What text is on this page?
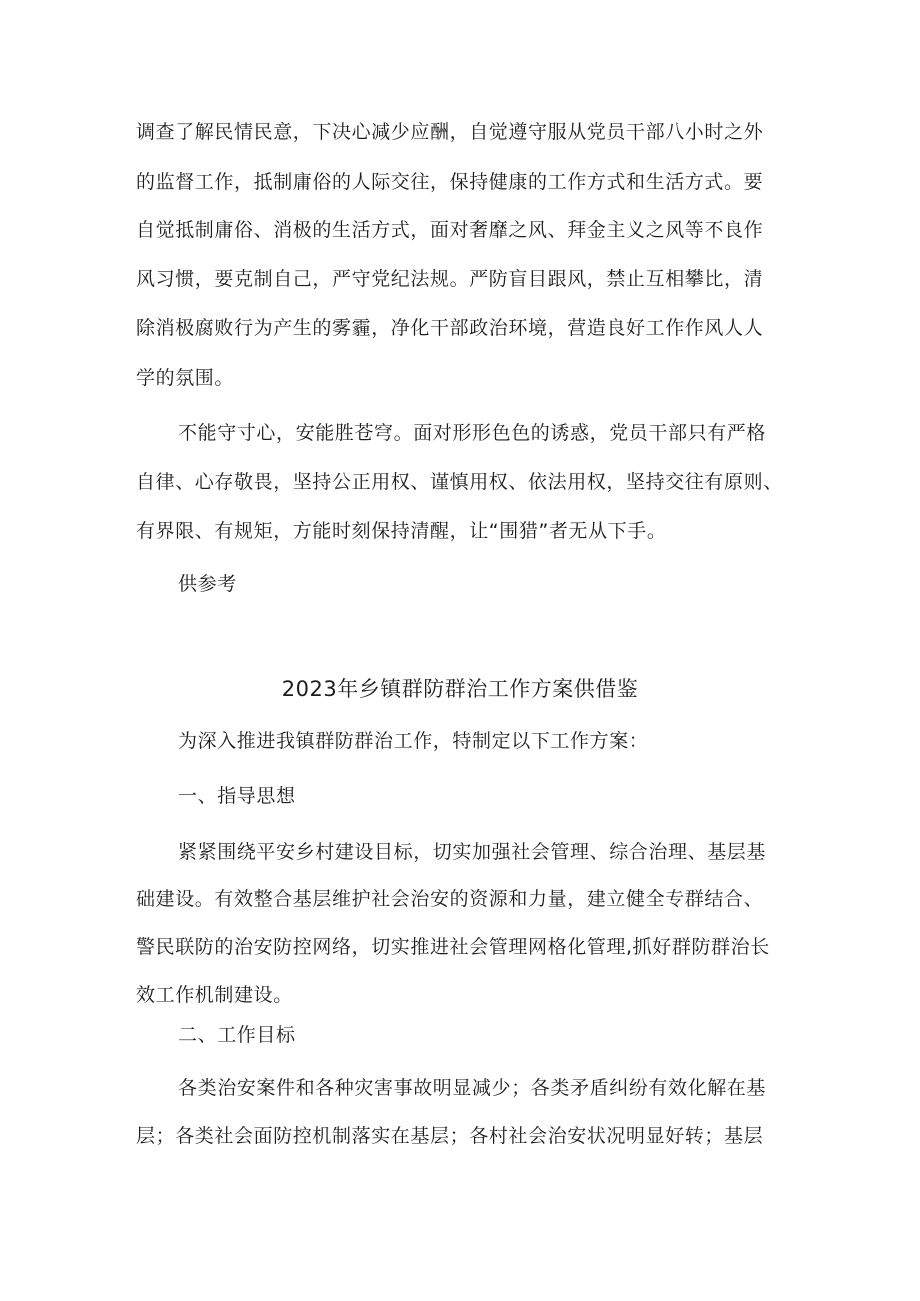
调查了解民情民意，下决心减少应酬，自觉遵守服从党员干部八小时之外
的监督工作，抵制庸俗的人际交往，保持健康的工作方式和生活方式。要
自觉抵制庸俗、消极的生活方式，面对奢靡之风、拜金主义之风等不良作
风习惯，要克制自己，严守党纪法规。严防盲目跟风，禁止互相攀比，清
除消极腐败行为产生的雾霾，净化干部政治环境，营造良好工作作风人人
学的氛围。
不能守寸心，安能胜苍穹。面对形形色色的诱惑，党员干部只有严格
自律、心存敬畏，坚持公正用权、谨慎用权、依法用权，坚持交往有原则、
有界限、有规矩，方能时刻保持清醒，让“围猎”者无从下手。
供参考
2023年乡镇群防群治工作方案供借鉴
为深入推进我镇群防群治工作，特制定以下工作方案：
一、指导思想
紧紧围绕平安乡村建设目标，切实加强社会管理、综合治理、基层基
础建设。有效整合基层维护社会治安的资源和力量，建立健全专群结合、
警民联防的治安防控网络，切实推进社会管理网格化管理,抓好群防群治长
效工作机制建设。
二、工作目标
各类治安案件和各种灾害事故明显减少；各类矛盾纠纷有效化解在基
层；各类社会面防控机制落实在基层；各村社会治安状况明显好转；基层
